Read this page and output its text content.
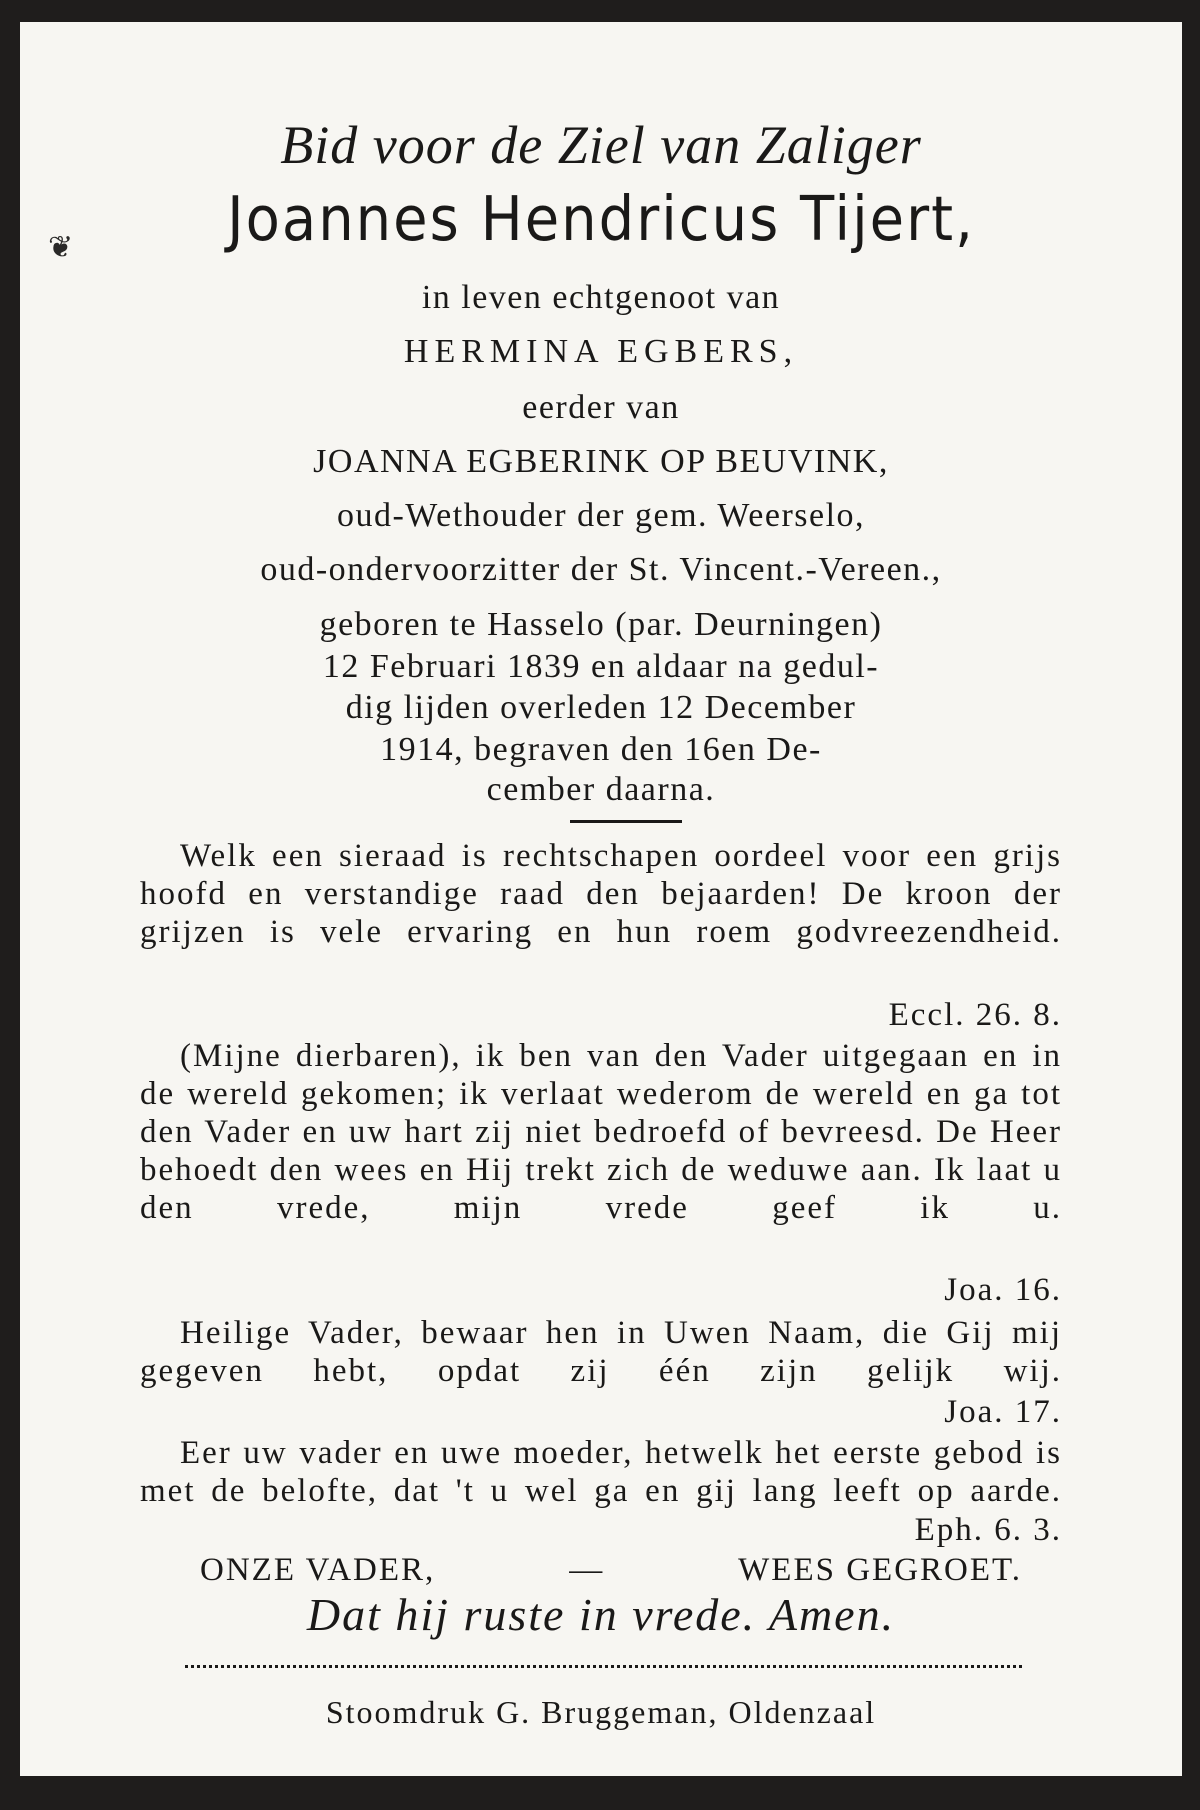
❦
Bid voor de Ziel van Zaliger
Joannes Hendricus Tijert,
in leven echtgenoot van
HERMINA EGBERS,
eerder van
JOANNA EGBERINK OP BEUVINK,
oud-Wethouder der gem. Weerselo,
oud-ondervoorzitter der St. Vincent.-Vereen.,
geboren te Hasselo (par. Deurningen)
12 Februari 1839 en aldaar na gedul-
dig lijden overleden 12 December
1914, begraven den 16en De-
cember daarna.
Welk een sieraad is rechtschapen oordeel voor een grijs hoofd en verstandige raad den bejaarden! De kroon der grijzen is vele ervaring en hun roem godvreezendheid.
Eccl. 26. 8.
(Mijne dierbaren), ik ben van den Vader uitgegaan en in de wereld gekomen; ik verlaat wederom de wereld en ga tot den Vader en uw hart zij niet bedroefd of bevreesd. De Heer behoedt den wees en Hij trekt zich de weduwe aan. Ik laat u den vrede, mijn vrede geef ik u.
Joa. 16.
Heilige Vader, bewaar hen in Uwen Naam, die Gij mij gegeven hebt, opdat zij één zijn gelijk wij.
Joa. 17.
Eer uw vader en uwe moeder, hetwelk het eerste gebod is met de belofte, dat 't u wel ga en gij lang leeft op aarde.
Eph. 6. 3.
ONZE VADER,	—	WEES GEGROET.
Dat hij ruste in vrede. Amen.
Stoomdruk G. Bruggeman, Oldenzaal
